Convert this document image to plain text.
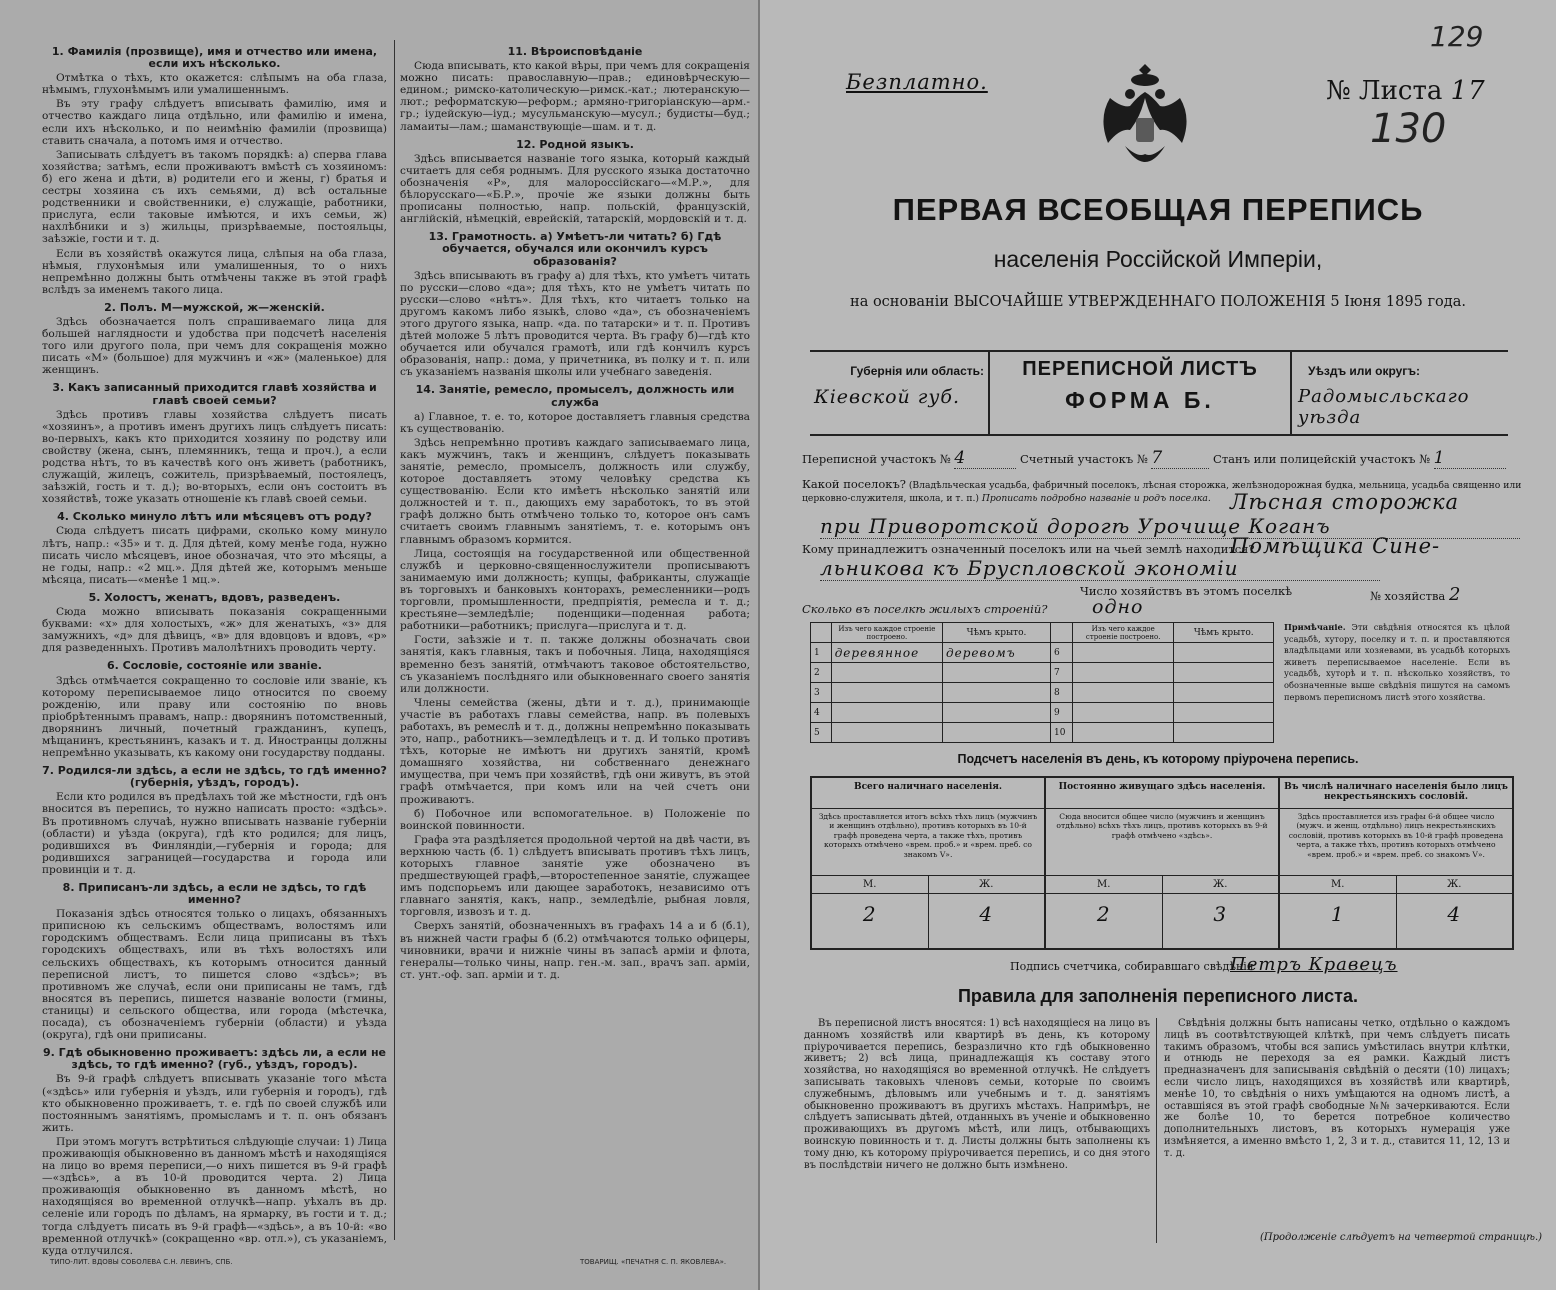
1. Фамилія (прозвище), имя и отчество или имена, если ихъ нѣсколько.

Отмѣтка о тѣхъ, кто окажется: слѣпымъ на оба глаза, нѣмымъ, глухонѣмымъ или умалишеннымъ.

Въ эту графу слѣдуетъ вписывать фамилію, имя и отчество каждаго лица отдѣльно, или фамилію и имена, если ихъ нѣсколько, и по неимѣнію фамиліи (прозвища) ставить сначала, а потомъ имя и отчество.

Записывать слѣдуетъ въ такомъ порядкѣ: а) сперва глава хозяйства; затѣмъ, если проживаютъ вмѣстѣ съ хозяиномъ: б) его жена и дѣти, в) родители его и жены, г) братья и сестры хозяина съ ихъ семьями, д) всѣ остальные родственники и свойственники, е) служащіе, работники, прислуга, если таковые имѣются, и ихъ семьи, ж) нахлѣбники и з) жильцы, призрѣваемые, постояльцы, заѣзжіе, гости и т. д.

Если въ хозяйствѣ окажутся лица, слѣпыя на оба глаза, нѣмыя, глухонѣмыя или умалишенныя, то о нихъ непремѣнно должны быть отмѣчены также въ этой графѣ вслѣдъ за именемъ такого лица.

2. Полъ. М—мужской, ж—женскій.

Здѣсь обозначается полъ спрашиваемаго лица для большей наглядности и удобства при подсчетѣ населенія того или другого пола, при чемъ для сокращенія можно писать «М» (большое) для мужчинъ и «ж» (маленькое) для женщинъ.

3. Какъ записанный приходится главѣ хозяйства и главѣ своей семьи?

Здѣсь противъ главы хозяйства слѣдуетъ писать «хозяинъ», а противъ именъ другихъ лицъ слѣдуетъ писать: во-первыхъ, какъ кто приходится хозяину по родству или свойству (жена, сынъ, племянникъ, теща и проч.), а если родства нѣтъ, то въ качествѣ кого онъ живетъ (работникъ, служащій, жилецъ, сожитель, призрѣваемый, постоялецъ, заѣзжій, гость и т. д.); во-вторыхъ, если онъ состоитъ въ хозяйствѣ, тоже указать отношеніе къ главѣ своей семьи.

4. Сколько минуло лѣтъ или мѣсяцевъ отъ роду?

Сюда слѣдуетъ писать цифрами, сколько кому минуло лѣтъ, напр.: «35» и т. д. Для дѣтей, кому менѣе года, нужно писать число мѣсяцевъ, иное обозначая, что это мѣсяцы, а не годы, напр.: «2 мц.». Для дѣтей же, которымъ меньше мѣсяца, писать—«менѣе 1 мц.».

5. Холостъ, женатъ, вдовъ, разведенъ.

Сюда можно вписывать показанія сокращенными буквами: «х» для холостыхъ, «ж» для женатыхъ, «з» для замужнихъ, «д» для дѣвицъ, «в» для вдовцовъ и вдовъ, «р» для разведенныхъ. Противъ малолѣтнихъ проводить черту.

6. Сословіе, состояніе или званіе.

Здѣсь отмѣчается сокращенно то сословіе или званіе, къ которому переписываемое лицо относится по своему рожденію, или праву или состоянію по вновь пріобрѣтеннымъ правамъ, напр.: дворянинъ потомственный, дворянинъ личный, почетный гражданинъ, купецъ, мѣщанинъ, крестьянинъ, казакъ и т. д. Иностранцы должны непремѣнно указывать, къ какому они государству подданы.

7. Родился-ли здѣсь, а если не здѣсь, то гдѣ именно? (губернія, уѣздъ, городъ).

Если кто родился въ предѣлахъ той же мѣстности, гдѣ онъ вносится въ перепись, то нужно написать просто: «здѣсь». Въ противномъ случаѣ, нужно вписывать названіе губерніи (области) и уѣзда (округа), гдѣ кто родился; для лицъ, родившихся въ Финляндіи,—губернія и города; для родившихся заграницей—государства и города или провинціи и т. д.

8. Приписанъ-ли здѣсь, а если не здѣсь, то гдѣ именно?

Показанія здѣсь относятся только о лицахъ, обязанныхъ приписною къ сельскимъ обществамъ, волостямъ или городскимъ обществамъ. Если лица приписаны въ тѣхъ городскихъ обществахъ, или въ тѣхъ волостяхъ или сельскихъ обществахъ, къ которымъ относится данный переписной листъ, то пишется слово «здѣсь»; въ противномъ же случаѣ, если они приписаны не тамъ, гдѣ вносятся въ перепись, пишется названіе волости (гмины, станицы) и сельского общества, или города (мѣстечка, посада), съ обозначеніемъ губерніи (области) и уѣзда (округа), гдѣ они приписаны.

9. Гдѣ обыкновенно проживаетъ: здѣсь ли, а если не здѣсь, то гдѣ именно? (губ., уѣздъ, городъ).

Въ 9-й графѣ слѣдуетъ вписывать указаніе того мѣста («здѣсь» или губернія и уѣздъ, или губернія и городъ), гдѣ кто обыкновенно проживаетъ, т. е. гдѣ по своей службѣ или постояннымъ занятіямъ, промысламъ и т. п. онъ обязанъ жить.

При этомъ могутъ встрѣтиться слѣдующіе случаи: 1) Лица проживающія обыкновенно въ данномъ мѣстѣ и находящіяся на лицо во время переписи,—о нихъ пишется въ 9-й графѣ—«здѣсь», а въ 10-й проводится черта. 2) Лица проживающія обыкновенно въ данномъ мѣстѣ, но находящіяся во временной отлучкѣ—напр. уѣхалъ въ др. селеніе или городъ по дѣламъ, на ярмарку, въ гости и т. д.; тогда слѣдуетъ писать въ 9-й графѣ—«здѣсь», а въ 10-й: «во временной отлучкѣ» (сокращенно «вр. отл.»), съ указаніемъ, куда отлучился.

11. Вѣроисповѣданіе

Сюда вписывать, кто какой вѣры, при чемъ для сокращенія можно писать: православную—прав.; единовѣрческую—едином.; римско-католическую—римск.-кат.; лютеранскую—лют.; реформатскую—реформ.; армяно-григоріанскую—арм.-гр.; іудейскую—іуд.; мусульманскую—мусул.; будисты—буд.; ламаиты—лам.; шаманствующіе—шам. и т. д.

12. Родной языкъ.

Здѣсь вписывается названіе того языка, который каждый считаетъ для себя роднымъ. Для русского языка достаточно обозначенія «Р», для малороссійскаго—«М.Р.», для бѣлорусскаго—«Б.Р.», прочіе же языки должны быть прописаны полностью, напр. польскій, французскій, англійскій, нѣмецкій, еврейскій, татарскій, мордовскій и т. д.

13. Грамотность. а) Умѣетъ-ли читать? б) Гдѣ обучается, обучался или окончилъ курсъ образованія?

Здѣсь вписывають въ графу а) для тѣхъ, кто умѣетъ читать по русски—слово «да»; для тѣхъ, кто не умѣетъ читать по русски—слово «нѣтъ». Для тѣхъ, кто читаетъ только на другомъ какомъ либо языкѣ, слово «да», съ обозначеніемъ этого другого языка, напр. «да. по татарски» и т. п. Противъ дѣтей моложе 5 лѣтъ проводится черта. Въ графу б)—гдѣ кто обучается или обучался грамотѣ, или гдѣ кончилъ курсъ образованія, напр.: дома, у причетника, въ полку и т. п. или съ указаніемъ названія школы или учебнаго заведенія.

14. Занятіе, ремесло, промыселъ, должность или служба

а) Главное, т. е. то, которое доставляетъ главныя средства къ существованію.

Здѣсь непремѣнно противъ каждаго записываемаго лица, какъ мужчинъ, такъ и женщинъ, слѣдуетъ показывать занятіе, ремесло, промыселъ, должность или службу, которое доставляетъ этому человѣку средства къ существованію. Если кто имѣетъ нѣсколько занятій или должностей и т. п., дающихъ ему заработокъ, то въ этой графѣ должно быть отмѣчено только то, которое онъ самъ считаетъ своимъ главнымъ занятіемъ, т. е. которымъ онъ главнымъ образомъ кормится.

Лица, состоящія на государственной или общественной службѣ и церковно-священнослужители прописываютъ занимаемую ими должность; купцы, фабриканты, служащіе въ торговыхъ и банковыхъ конторахъ, ремесленники—родъ торговли, промышленности, предпріятія, ремесла и т. д.; крестьяне—земледѣліе; поденщики—поденная работа; работники—работникъ; прислуга—прислуга и т. д.

Гости, заѣзжіе и т. п. также должны обозначать свои занятія, какъ главныя, такъ и побочныя. Лица, находящіяся временно безъ занятій, отмѣчаютъ таковое обстоятельство, съ указаніемъ послѣдняго или обыкновеннаго своего занятія или должности.

Члены семейства (жены, дѣти и т. д.), принимающіе участіе въ работахъ главы семейства, напр. въ полевыхъ работахъ, въ ремеслѣ и т. д., должны непремѣнно показывать это, напр., работникъ—земледѣлецъ и т. д. И только противъ тѣхъ, которые не имѣютъ ни другихъ занятій, кромѣ домашняго хозяйства, ни собственнаго денежнаго имущества, при чемъ при хозяйствѣ, гдѣ они живутъ, въ этой графѣ отмѣчается, при комъ или на чей счетъ они проживаютъ.

б) Побочное или вспомогательное. в) Положеніе по воинской повинности.

Графа эта раздѣляется продольной чертой на двѣ части, въ верхнюю часть (б. 1) слѣдуетъ вписывать противъ тѣхъ лицъ, которыхъ главное занятіе уже обозначено въ предшествующей графѣ,—второстепенное занятіе, служащее имъ подспорьемъ или дающее заработокъ, независимо отъ главнаго занятія, какъ, напр., земледѣліе, рыбная ловля, торговля, извозъ и т. д.

Сверхъ занятій, обозначенныхъ въ графахъ 14 а и б (б.1), въ нижней части графы б (б.2) отмѣчаются только офицеры, чиновники, врачи и нижніе чины въ запасѣ арміи и флота, генералы—только чины, напр. ген.-м. зап., врачъ зап. арміи, ст. унт.-оф. зап. армiи и т. д.

ТИПО-ЛИТ. ВДОВЫ СОБОЛЕВА С.Н. ЛЕВИНЪ, СПБ.	ТОВАРИЩ. «ПЕЧАТНЯ С. П. ЯКОВЛЕВА».
Безплатно.	№ Листа 17
129
130
ПЕРВАЯ ВСЕОБЩАЯ ПЕРЕПИСЬ
населенія Россійской Имперіи,
на основаніи ВЫСОЧАЙШЕ УТВЕРЖДЕННАГО ПОЛОЖЕНІЯ 5 Іюня 1895 года.
Губернія или область:
Кіевской губ.
ПЕРЕПИСНОЙ ЛИСТЪ
ФОРМА Б.
Уѣздъ или округъ:
Радомысльскаго уѣзда
Переписной участокъ № 4	Счетный участокъ № 7	Станъ или полицейскій участокъ № 1
Какой поселокъ? (Владѣльческая усадьба, фабричный поселокъ, лѣсная сторожка, желѣзнодорожная будка, мельница, усадьба священно или церковно-служителя, школа, и т. п.) Прописать подробно названіе и родъ поселка. Лѣсная сторожка
при Приворотской дорогѣ Урочище Коганъ
Кому принадлежитъ означенный поселокъ или на чьей землѣ находится?
Помѣщика Сине-
льникова къ Бруспловской экономіи
Число хозяйствъ въ этомъ поселкѣ	№ хозяйства 2
Сколько въ поселкѣ жилыхъ строеній? одно
	Изъ чего каждое строеніе построено.	Чѣмъ крыто.		Изъ чего каждое строеніе построено.	Чѣмъ крыто.
1	деревянное	деревомъ	6		
2			7		
3			8		
4			9		
5			10		
Примѣчаніе. Эти свѣдѣнія относятся къ цѣлой усадьбѣ, хутору, поселку и т. п. и проставляются владѣльцами или хозяевами, въ усадьбѣ которыхъ живетъ переписываемое населеніе. Если въ усадьбѣ, хуторѣ и т. п. нѣсколько хозяйствъ, то обозначенные выше свѣдѣнія пишутся на самомъ первомъ переписномъ листѣ этого хозяйства.
Подсчетъ населенія въ день, къ которому пріурочена перепись.
Всего наличнаго населенія.
Здѣсь проставляется итогъ всѣхъ тѣхъ лицъ (мужчинъ и женщинъ отдѣльно), противъ которыхъ въ 10-й графѣ проведена черта, а также тѣхъ, противъ которыхъ отмѣчено «врем. проб.» и «врем. преб. со знакомъ V».
М.	Ж.
2	4
Постоянно живущаго здѣсь населенія.
Сюда вносится общее число (мужчинъ и женщинъ отдѣльно) всѣхъ тѣхъ лицъ, противъ которыхъ въ 9-й графѣ отмѣчено «здѣсь».
М.	Ж.
2	3
Въ числѣ наличнаго населенія было лицъ некрестьянскихъ сословій.
Здѣсь проставляется изъ графы 6-й общее число (мужч. и женщ. отдѣльно) лицъ некрестьянскихъ сословій, противъ которыхъ въ 10-й графѣ проведена черта, а также тѣхъ, противъ которыхъ отмѣчено «врем. проб.» и «врем. преб. со знакомъ V».
М.	Ж.
1	4
Подпись счетчика, собиравшаго свѣдѣнія
Петръ Кравецъ
Правила для заполненія переписного листа.

Въ переписной листъ вносятся: 1) всѣ находящіеся на лицо въ данномъ хозяйствѣ или квартирѣ въ день, къ которому пріурочивается перепись, безразлично кто гдѣ обыкновенно живетъ; 2) всѣ лица, принадлежащія къ составу этого хозяйства, но находящіяся во временной отлучкѣ. Не слѣдуетъ записывать таковыхъ членовъ семьи, которые по своимъ служебнымъ, дѣловымъ или учебнымъ и т. д. занятіямъ обыкновенно проживаютъ въ другихъ мѣстахъ. Напримѣръ, не слѣдуетъ записывать дѣтей, отданныхъ въ ученіе и обыкновенно проживающихъ въ другомъ мѣстѣ, или лицъ, отбывающихъ воинскую повинность и т. д. Листы должны быть заполнены къ тому дню, къ которому пріурочивается перепись, и со дня этого въ послѣдствіи ничего не должно быть измѣнено.

Свѣдѣнія должны быть написаны четко, отдѣльно о каждомъ лицѣ въ соотвѣтствующей клѣткѣ, при чемъ слѣдуетъ писать такимъ образомъ, чтобы вся запись умѣстилась внутри клѣтки, и отнюдь не переходя за ея рамки. Каждый листъ предназначенъ для записыванія свѣдѣній о десяти (10) лицахъ; если число лицъ, находящихся въ хозяйствѣ или квартирѣ, менѣе 10, то свѣдѣнія о нихъ умѣщаются на одномъ листѣ, а оставшіяся въ этой графѣ свободные №№ зачеркиваются. Если же болѣе 10, то берется потребное количество дополнительныхъ листовъ, въ которыхъ нумерація уже измѣняется, а именно вмѣсто 1, 2, 3 и т. д., ставится 11, 12, 13 и т. д.

(Продолженіе слѣдуетъ на четвертой страницѣ.)
